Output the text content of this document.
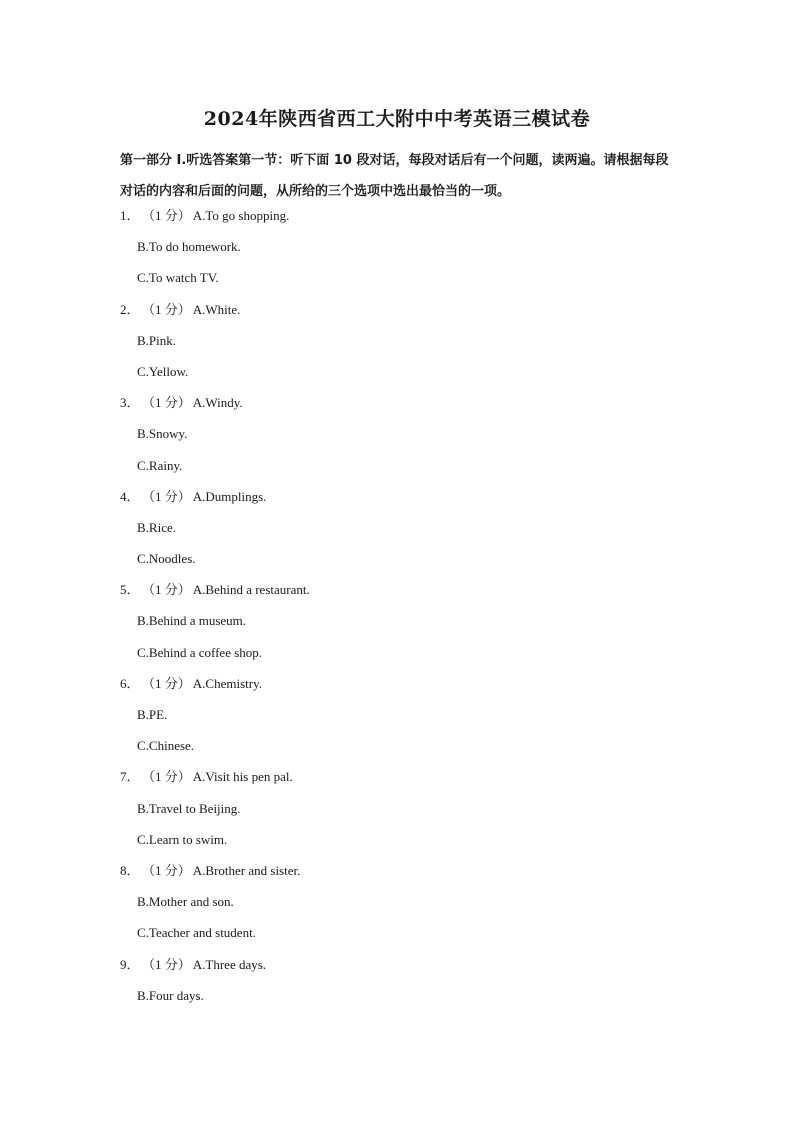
2024年陕西省西工大附中中考英语三模试卷
第一部分 Ⅰ.听选答案第一节：听下面 10 段对话，每段对话后有一个问题，读两遍。请根据每段对话的内容和后面的问题，从所给的三个选项中选出最恰当的一项。
1． （1 分） A.To go shopping.
B.To do homework.
C.To watch TV.
2． （1 分） A.White.
B.Pink.
C.Yellow.
3． （1 分） A.Windy.
B.Snowy.
C.Rainy.
4． （1 分） A.Dumplings.
B.Rice.
C.Noodles.
5． （1 分） A.Behind a restaurant.
B.Behind a museum.
C.Behind a coffee shop.
6． （1 分） A.Chemistry.
B.PE.
C.Chinese.
7． （1 分） A.Visit his pen pal.
B.Travel to Beijing.
C.Learn to swim.
8． （1 分） A.Brother and sister.
B.Mother and son.
C.Teacher and student.
9． （1 分） A.Three days.
B.Four days.
